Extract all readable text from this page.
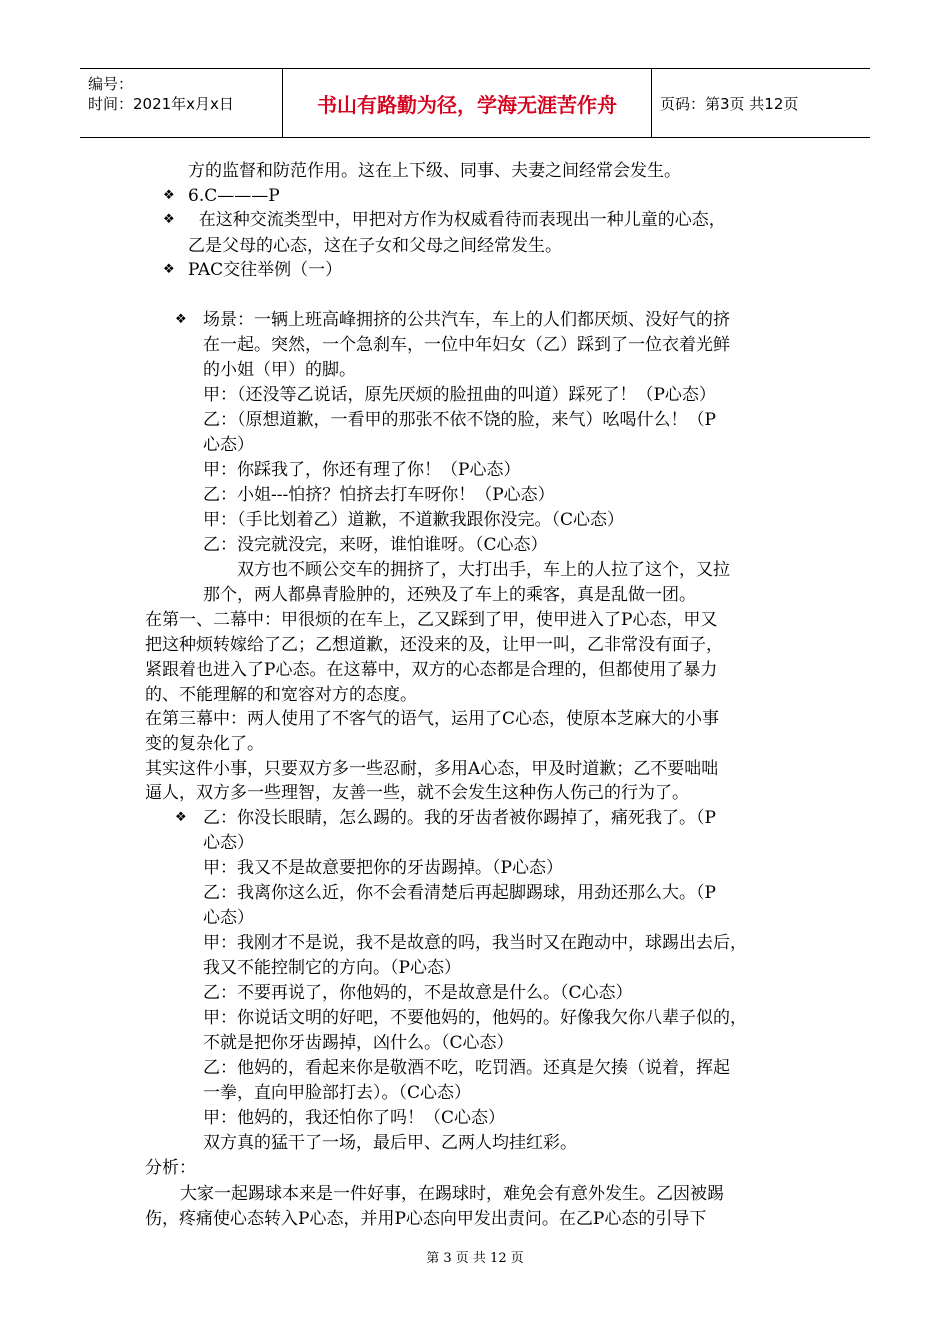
编号：
时间：2021年x月x日	书山有路勤为径，学海无涯苦作舟	页码：第3页 共12页
❖
❖
❖
❖
❖
方的监督和防范作用。这在上下级、同事、夫妻之间经常会发生。
6.C———P
在这种交流类型中，甲把对方作为权威看待而表现出一种儿童的心态，
乙是父母的心态，这在子女和父母之间经常发生。
PAC交往举例（一）
场景：一辆上班高峰拥挤的公共汽车，车上的人们都厌烦、没好气的挤
在一起。突然，一个急刹车，一位中年妇女（乙）踩到了一位衣着光鲜
的小姐（甲）的脚。
甲：（还没等乙说话，原先厌烦的脸扭曲的叫道）踩死了！（P心态）
乙：（原想道歉，一看甲的那张不依不饶的脸，来气）吆喝什么！（P
心态）
甲：你踩我了，你还有理了你！（P心态）
乙：小姐---怕挤？怕挤去打车呀你！（P心态）
甲：（手比划着乙）道歉，不道歉我跟你没完。（C心态）
乙：没完就没完，来呀，谁怕谁呀。（C心态）
双方也不顾公交车的拥挤了，大打出手，车上的人拉了这个，又拉
那个，两人都鼻青脸肿的，还殃及了车上的乘客，真是乱做一团。
在第一、二幕中：甲很烦的在车上，乙又踩到了甲，使甲进入了P心态，甲又
把这种烦转嫁给了乙；乙想道歉，还没来的及，让甲一叫，乙非常没有面子，
紧跟着也进入了P心态。在这幕中，双方的心态都是合理的，但都使用了暴力
的、不能理解的和宽容对方的态度。
在第三幕中：两人使用了不客气的语气，运用了C心态，使原本芝麻大的小事
变的复杂化了。
其实这件小事，只要双方多一些忍耐，多用A心态，甲及时道歉；乙不要咄咄
逼人，双方多一些理智，友善一些，就不会发生这种伤人伤己的行为了。
乙：你没长眼睛，怎么踢的。我的牙齿者被你踢掉了，痛死我了。（P
心态）
甲：我又不是故意要把你的牙齿踢掉。（P心态）
乙：我离你这么近，你不会看清楚后再起脚踢球，用劲还那么大。（P
心态）
甲：我刚才不是说，我不是故意的吗，我当时又在跑动中，球踢出去后，
我又不能控制它的方向。（P心态）
乙：不要再说了，你他妈的，不是故意是什么。（C心态）
甲：你说话文明的好吧，不要他妈的，他妈的。好像我欠你八辈子似的，
不就是把你牙齿踢掉，凶什么。（C心态）
乙：他妈的，看起来你是敬酒不吃，吃罚酒。还真是欠揍（说着，挥起
一拳，直向甲脸部打去）。（C心态）
甲：他妈的，我还怕你了吗！（C心态）
双方真的猛干了一场，最后甲、乙两人均挂红彩。
分析：
大家一起踢球本来是一件好事，在踢球时，难免会有意外发生。乙因被踢
伤，疼痛使心态转入P心态，并用P心态向甲发出责问。在乙P心态的引导下
第 3 页 共 12 页
